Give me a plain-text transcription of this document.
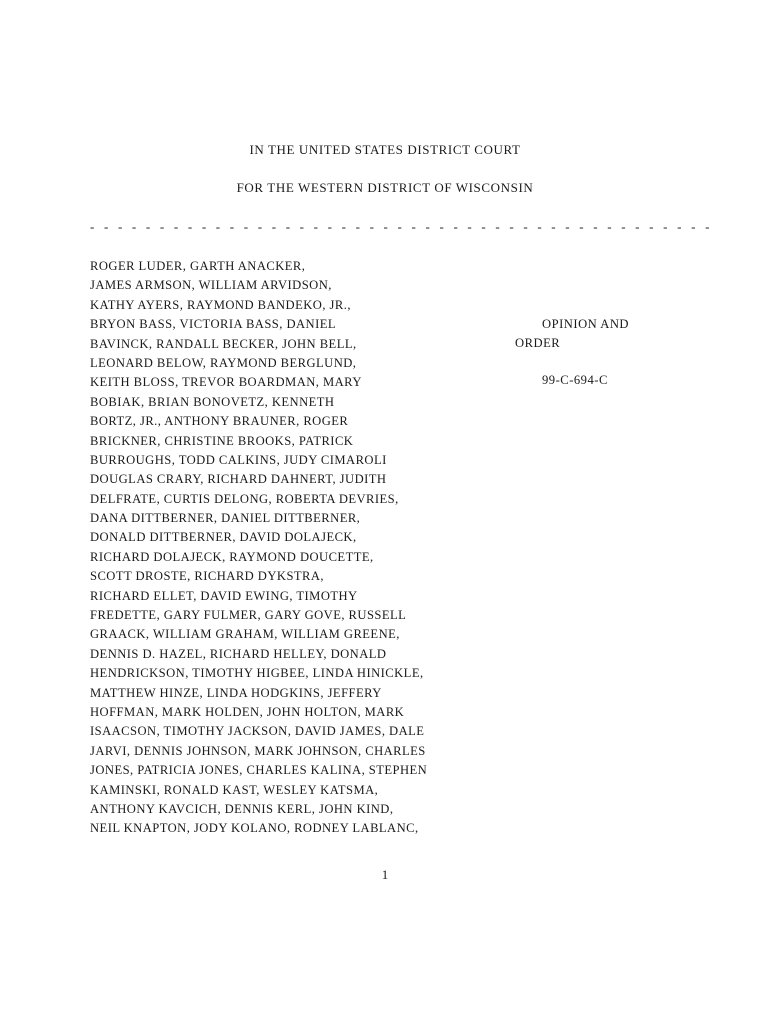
IN THE UNITED STATES DISTRICT COURT
FOR THE WESTERN DISTRICT OF WISCONSIN
- - - - - - - - - - - - - - - - - - - - - - - - - - - - - - - - - - - - - - - - - - - - -
ROGER LUDER, GARTH ANACKER,
JAMES ARMSON, WILLIAM ARVIDSON,
KATHY AYERS, RAYMOND BANDEKO, JR.,
BRYON BASS, VICTORIA BASS, DANIEL
BAVINCK, RANDALL BECKER, JOHN BELL,
LEONARD BELOW, RAYMOND BERGLUND,
KEITH BLOSS, TREVOR BOARDMAN, MARY
BOBIAK, BRIAN BONOVETZ, KENNETH
BORTZ, JR., ANTHONY BRAUNER, ROGER
BRICKNER, CHRISTINE BROOKS, PATRICK
BURROUGHS, TODD CALKINS, JUDY CIMAROLI
DOUGLAS CRARY, RICHARD DAHNERT, JUDITH
DELFRATE, CURTIS DELONG, ROBERTA DEVRIES,
DANA DITTBERNER, DANIEL DITTBERNER,
DONALD DITTBERNER, DAVID DOLAJECK,
RICHARD DOLAJECK, RAYMOND DOUCETTE,
SCOTT DROSTE, RICHARD DYKSTRA,
RICHARD ELLET, DAVID EWING, TIMOTHY
FREDETTE, GARY FULMER, GARY GOVE, RUSSELL
GRAACK, WILLIAM GRAHAM, WILLIAM GREENE,
DENNIS D. HAZEL, RICHARD HELLEY, DONALD
HENDRICKSON, TIMOTHY HIGBEE, LINDA HINICKLE,
MATTHEW HINZE, LINDA HODGKINS, JEFFERY
HOFFMAN, MARK HOLDEN, JOHN HOLTON, MARK
ISAACSON, TIMOTHY JACKSON, DAVID JAMES, DALE
JARVI, DENNIS JOHNSON, MARK JOHNSON, CHARLES
JONES, PATRICIA JONES, CHARLES KALINA, STEPHEN
KAMINSKI, RONALD KAST, WESLEY KATSMA,
ANTHONY KAVCICH, DENNIS KERL, JOHN KIND,
NEIL KNAPTON, JODY KOLANO, RODNEY LABLANC,
OPINION AND
ORDER
99-C-694-C
1
